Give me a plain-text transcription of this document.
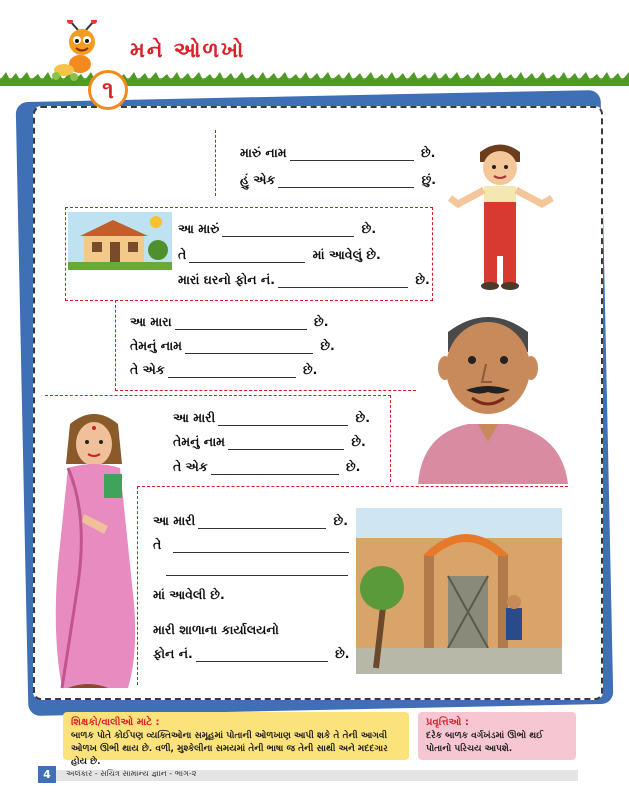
મને ઓળખો
૧
મારું નામ	છે.
હું એક	છું.
આ મારું	છે.
તે	માં આવેલું છે.
મારાં ઘરનો ફોન નં.	છે.
આ મારા	છે.
તેમનું નામ	છે.
તે એક	છે.
આ મારી	છે.
તેમનું નામ	છે.
તે એક	છે.
આ મારી	છે.
તે
માં આવેલી છે.
મારી શાળાના કાર્યાલયનો
ફોન નં.	છે.
શિક્ષકો/વાલીઓ માટે :
બાળક પોતે કોઈપણ વ્યક્તિઓના સમૂહમાં પોતાની ઓળખાણ આપી શકે તે તેની આગવી ઓળખ ઊભી થાય છે. વળી, મુશ્કેલીના સમયમાં તેની ભાષા જ તેની સાથી અને મદદગાર હોય છે.
પ્રવૃત્તિઓ :
દરેક બાળક વર્ગખંડમાં ઊભો થઈ પોતાનો પરિચય આપશે.
4	અલંકાર - સચિત્ર સામાન્ય જ્ઞાન - ભાગ-૨
